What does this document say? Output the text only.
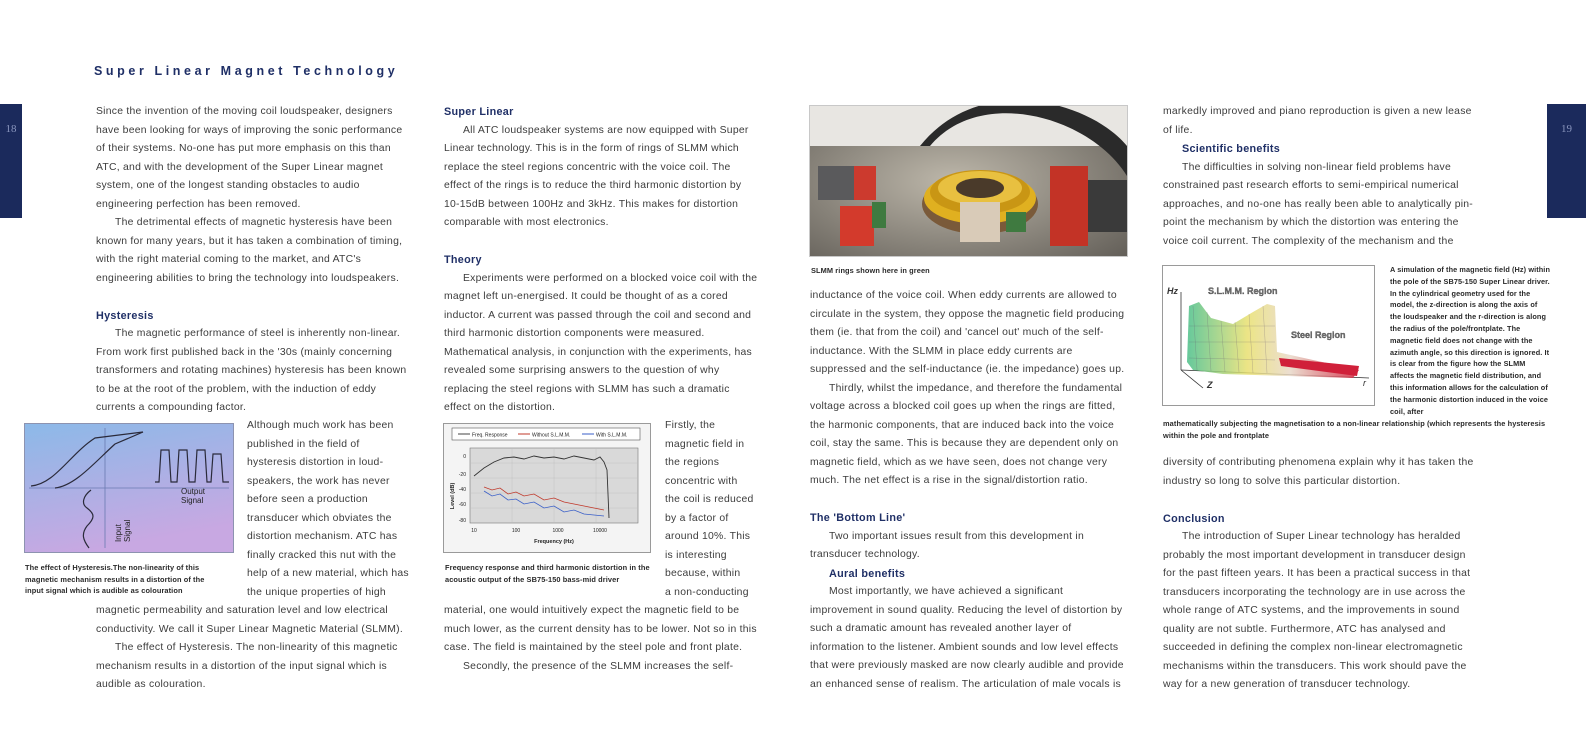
Super Linear Magnet Technology
18	19

Since the invention of the moving coil loudspeaker, designers have been looking for ways of improving the sonic performance of their systems. No-one has put more emphasis on this than ATC, and with the development of the Super Linear magnet system, one of the longest standing obstacles to audio engineering perfection has been removed.

The detrimental effects of magnetic hysteresis have been known for many years, but it has taken a combination of timing, with the right material coming to the market, and ATC's engineering abilities to bring the technology into loudspeakers.

Hysteresis

The magnetic performance of steel is inherently non-linear. From work first published back in the '30s (mainly concerning transformers and rotating machines) hysteresis has been known to be at the root of the problem, with the induction of eddy currents a compounding factor.

Output
Signal
Input Signal
The effect of Hysteresis.The non-linearity of this magnetic mechanism results in a distortion of the input signal which is audible as colouration

Although much work has been

published in the field of

hysteresis distortion in loud-

speakers, the work has never

before seen a production

transducer which obviates the

distortion mechanism. ATC has

finally cracked this nut with the

help of a new material, which has

the unique properties of high

magnetic permeability and saturation level and low electrical conductivity. We call it Super Linear Magnetic Material (SLMM).

The effect of Hysteresis. The non-linearity of this magnetic mechanism results in a distortion of the input signal which is audible as colouration.

Super Linear

All ATC loudspeaker systems are now equipped with Super Linear technology. This is in the form of rings of SLMM which replace the steel regions concentric with the voice coil. The effect of the rings is to reduce the third harmonic distortion by 10-15dB between 100Hz and 3kHz. This makes for distortion comparable with most electronics.

Theory

Experiments were performed on a blocked voice coil with the magnet left un-energised. It could be thought of as a cored inductor. A current was passed through the coil and second and third harmonic distortion components were measured. Mathematical analysis, in conjunction with the experiments, has revealed some surprising answers to the question of why replacing the steel regions with SLMM has such a dramatic effect on the distortion.

Freq. Response	Without S.L.M.M.	With S.L.M.M.
0
-20
-40
-60
-80
10	100	1000	10000
Frequency (Hz)
Level (dB)
Frequency response and third harmonic distortion in the acoustic output of the SB75-150 bass-mid driver

Firstly, the

magnetic field in

the regions

concentric with

the coil is reduced

by a factor of

around 10%. This

is interesting

because, within

a non-conducting

material, one would intuitively expect the magnetic field to be much lower, as the current density has to be lower. Not so in this case. The field is maintained by the steel pole and front plate.

Secondly, the presence of the SLMM increases the self-

SLMM rings shown here in green

inductance of the voice coil. When eddy currents are allowed to circulate in the system, they oppose the magnetic field producing them (ie. that from the coil) and 'cancel out' much of the self-inductance. With the SLMM in place eddy currents are suppressed and the self-inductance (ie. the impedance) goes up.

Thirdly, whilst the impedance, and therefore the fundamental voltage across a blocked coil goes up when the rings are fitted, the harmonic components, that are induced back into the voice coil, stay the same. This is because they are dependent only on magnetic field, which as we have seen, does not change very much. The net effect is a rise in the signal/distortion ratio.

The 'Bottom Line'

Two important issues result from this development in transducer technology.

Aural benefits

Most importantly, we have achieved a significant improvement in sound quality. Reducing the level of distortion by such a dramatic amount has revealed another layer of information to the listener. Ambient sounds and low level effects that were previously masked are now clearly audible and provide an enhanced sense of realism. The articulation of male vocals is

markedly improved and piano reproduction is given a new lease of life.

Scientific benefits

The difficulties in solving non-linear field problems have constrained past research efforts to semi-empirical numerical approaches, and no-one has really been able to analytically pin-point the mechanism by which the distortion was entering the voice coil current. The complexity of the mechanism and the

Hz	S.L.M.M. Region
Steel Region
Z	r
A simulation of the magnetic field (Hz) within the pole of the SB75-150 Super Linear driver. In the cylindrical geometry used for the model, the z-direction is along the axis of the loudspeaker and the r-direction is along the radius of the pole/frontplate. The magnetic field does not change with the azimuth angle, so this direction is ignored. It is clear from the figure how the SLMM affects the magnetic field distribution, and this information allows for the calculation of the harmonic distortion induced in the voice coil, after
mathematically subjecting the magnetisation to a non-linear relationship (which represents the hysteresis within the pole and frontplate

diversity of contributing phenomena explain why it has taken the industry so long to solve this particular distortion.

Conclusion

The introduction of Super Linear technology has heralded probably the most important development in transducer design for the past fifteen years. It has been a practical success in that transducers incorporating the technology are in use across the whole range of ATC systems, and the improvements in sound quality are not subtle. Furthermore, ATC has analysed and succeeded in defining the complex non-linear electromagnetic mechanisms within the transducers. This work should pave the way for a new generation of transducer technology.
